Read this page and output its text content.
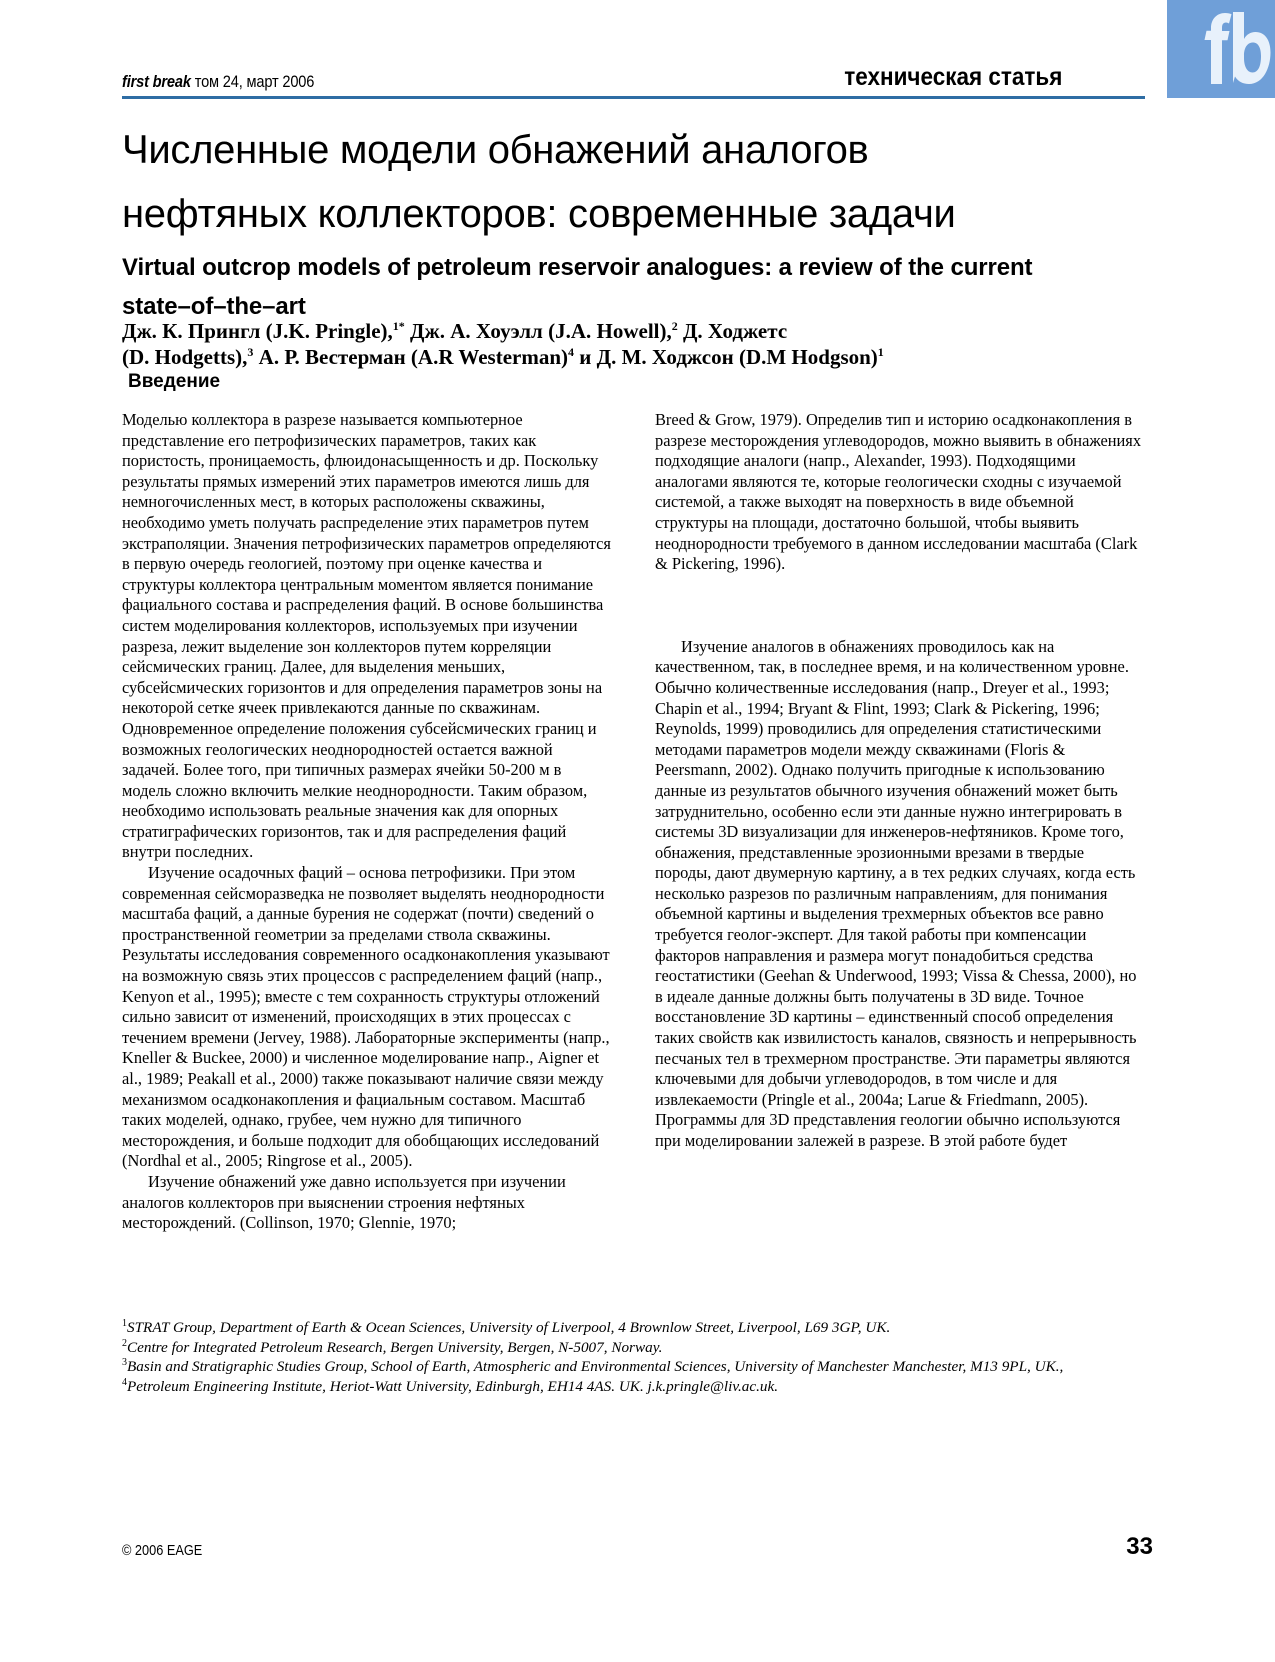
first break том 24, март 2006	техническая статья
Численные модели обнажений аналогов
нефтяных коллекторов: современные задачи
Virtual outcrop models of petroleum reservoir analogues: a review of the current state–of–the–art
Дж. К. Прингл (J.K. Pringle),$^{1*}$ Дж. А. Хоуэлл (J.A. Howell),$^2$ Д. Ходжетс
(D. Hodgetts),$^3$ А. Р. Вестерман (A.R Westerman)$^4$ и Д. М. Ходжсон (D.M Hodgson)$^1$
Введение

Моделью коллектора в разрезе называется компьютерное представление его петрофизических параметров, таких как пористость, проницаемость, флюидонасыщенность и др. Поскольку результаты прямых измерений этих параметров имеются лишь для немногочисленных мест, в которых расположены скважины, необходимо уметь получать распределение этих параметров путем экстраполяции. Значения петрофизических параметров определяются в первую очередь геологией, поэтому при оценке качества и структуры коллектора центральным моментом является понимание фациального состава и распределения фаций. В основе большинства систем моделирования коллекторов, используемых при изучении разреза, лежит выделение зон коллекторов путем корреляции сейсмических границ. Далее, для выделения меньших, субсейсмических горизонтов и для определения параметров зоны на некоторой сетке ячеек привлекаются данные по скважинам. Одновременное определение положения субсейсмических границ и возможных геологических неоднородностей остается важной задачей. Более того, при типичных размерах ячейки 50-200 м в модель сложно включить мелкие неоднородности. Таким образом, необходимо использовать реальные значения как для опорных стратиграфических горизонтов, так и для распределения фаций внутри последних.

Изучение осадочных фаций – основа петрофизики. При этом современная сейсморазведка не позволяет выделять неоднородности масштаба фаций, а данные бурения не содержат (почти) сведений о пространственной геометрии за пределами ствола скважины. Результаты исследования современного осадконакопления указывают на возможную связь этих процессов с распределением фаций (напр., Kenyon et al., 1995); вместе с тем сохранность структуры отложений сильно зависит от изменений, происходящих в этих процессах с течением времени (Jervey, 1988). Лабораторные эксперименты (напр., Kneller & Buckee, 2000) и численное моделирование напр., Aigner et al., 1989; Peakall et al., 2000) также показывают наличие связи между механизмом осадконакопления и фациальным составом. Масштаб таких моделей, однако, грубее, чем нужно для типичного месторождения, и больше подходит для обобщающих исследований (Nordhal et al., 2005; Ringrose et al., 2005).

Изучение обнажений уже давно используется при изучении аналогов коллекторов при выяснении строения нефтяных месторождений. (Collinson, 1970; Glennie, 1970;

Breed & Grow, 1979). Определив тип и историю осадконакопления в разрезе месторождения углеводородов, можно выявить в обнажениях подходящие аналоги (напр., Alexander, 1993). Подходящими аналогами являются те, которые геологически сходны с изучаемой системой, а также выходят на поверхность в виде объемной структуры на площади, достаточно большой, чтобы выявить неоднородности требуемого в данном исследовании масштаба (Clark & Pickering, 1996).

Изучение аналогов в обнажениях проводилось как на качественном, так, в последнее время, и на количественном уровне. Обычно количественные исследования (напр., Dreyer et al., 1993; Chapin et al., 1994; Bryant & Flint, 1993; Clark & Pickering, 1996; Reynolds, 1999) проводились для определения статистическими методами параметров модели между скважинами (Floris & Peersmann, 2002). Однако получить пригодные к использованию данные из результатов обычного изучения обнажений может быть затруднительно, особенно если эти данные нужно интегрировать в системы 3D визуализации для инженеров-нефтяников. Кроме того, обнажения, представленные эрозионными врезами в твердые породы, дают двумерную картину, а в тех редких случаях, когда есть несколько разрезов по различным направлениям, для понимания объемной картины и выделения трехмерных объектов все равно требуется геолог-эксперт. Для такой работы при компенсации факторов направления и размера могут понадобиться средства геостатистики (Geehan & Underwood, 1993; Vissa & Chessa, 2000), но в идеале данные должны быть получатены в 3D виде. Точное восстановление 3D картины – единственный способ определения таких свойств как извилистость каналов, связность и непрерывность песчаных тел в трехмерном пространстве. Эти параметры являются ключевыми для добычи углеводородов, в том числе и для извлекаемости (Pringle et al., 2004a; Larue & Friedmann, 2005). Программы для 3D представления геологии обычно используются при моделировании залежей в разрезе. В этой работе будет

$^1$STRAT Group, Department of Earth & Ocean Sciences, University of Liverpool, 4 Brownlow Street, Liverpool, L69 3GP, UK.
$^2$Centre for Integrated Petroleum Research, Bergen University, Bergen, N-5007, Norway.
$^3$Basin and Stratigraphic Studies Group, School of Earth, Atmospheric and Environmental Sciences, University of Manchester Manchester, M13 9PL, UK.,
$^4$Petroleum Engineering Institute, Heriot-Watt University, Edinburgh, EH14 4AS. UK. j.k.pringle@liv.ac.uk.
© 2006 EAGE	33
